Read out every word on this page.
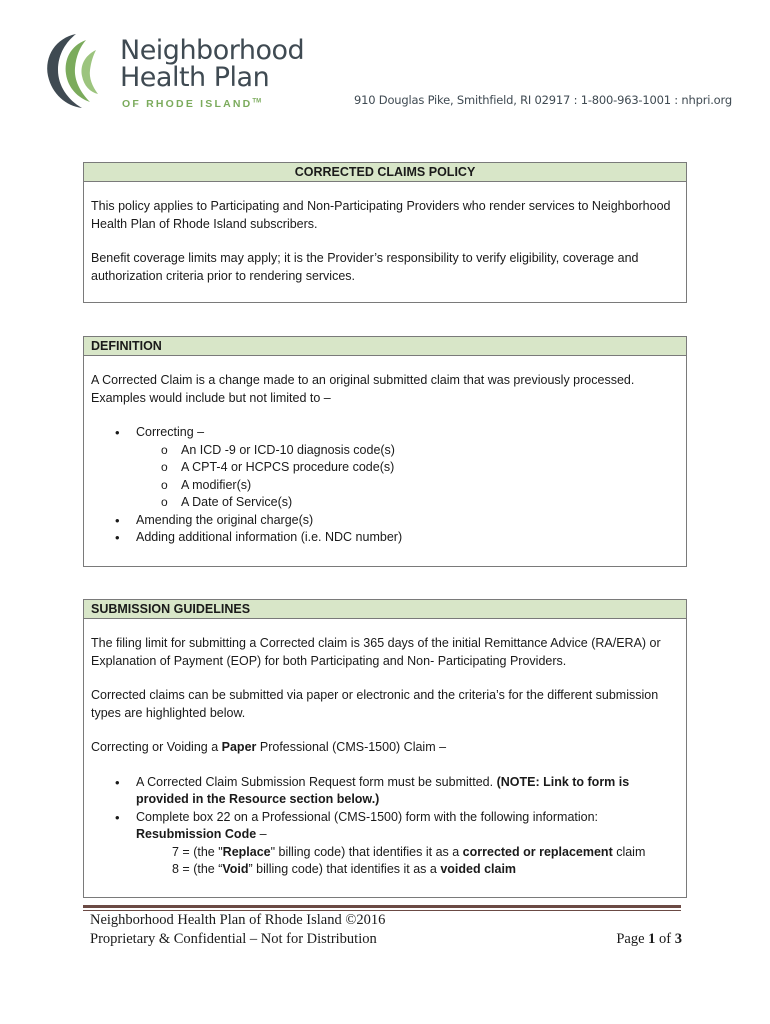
Neighborhood
Health Plan
OF RHODE ISLAND™	910 Douglas Pike, Smithfield, RI 02917 : 1-800-963-1001 : nhpri.org
CORRECTED CLAIMS POLICY

This policy applies to Participating and Non-Participating Providers who render services to Neighborhood Health Plan of Rhode Island subscribers.

Benefit coverage limits may apply; it is the Provider’s responsibility to verify eligibility, coverage and authorization criteria prior to rendering services.

DEFINITION

A Corrected Claim is a change made to an original submitted claim that was previously processed. Examples would include but not limited to –

• Correcting –
o An ICD -9 or ICD-10 diagnosis code(s)
o A CPT-4 or HCPCS procedure code(s)
o A modifier(s)
o A Date of Service(s)
• Amending the original charge(s)
• Adding additional information (i.e. NDC number)
SUBMISSION GUIDELINES

The filing limit for submitting a Corrected claim is 365 days of the initial Remittance Advice (RA/ERA) or Explanation of Payment (EOP) for both Participating and Non- Participating Providers.

Corrected claims can be submitted via paper or electronic and the criteria’s for the different submission types are highlighted below.

Correcting or Voiding a Paper Professional (CMS-1500) Claim –

• A Corrected Claim Submission Request form must be submitted. (NOTE: Link to form is provided in the Resource section below.)
• Complete box 22 on a Professional (CMS-1500) form with the following information:
Resubmission Code –
7 = (the "Replace" billing code) that identifies it as a corrected or replacement claim
8 = (the “Void” billing code) that identifies it as a voided claim
Neighborhood Health Plan of Rhode Island ©2016
Proprietary & Confidential – Not for Distribution	Page 1 of 3
